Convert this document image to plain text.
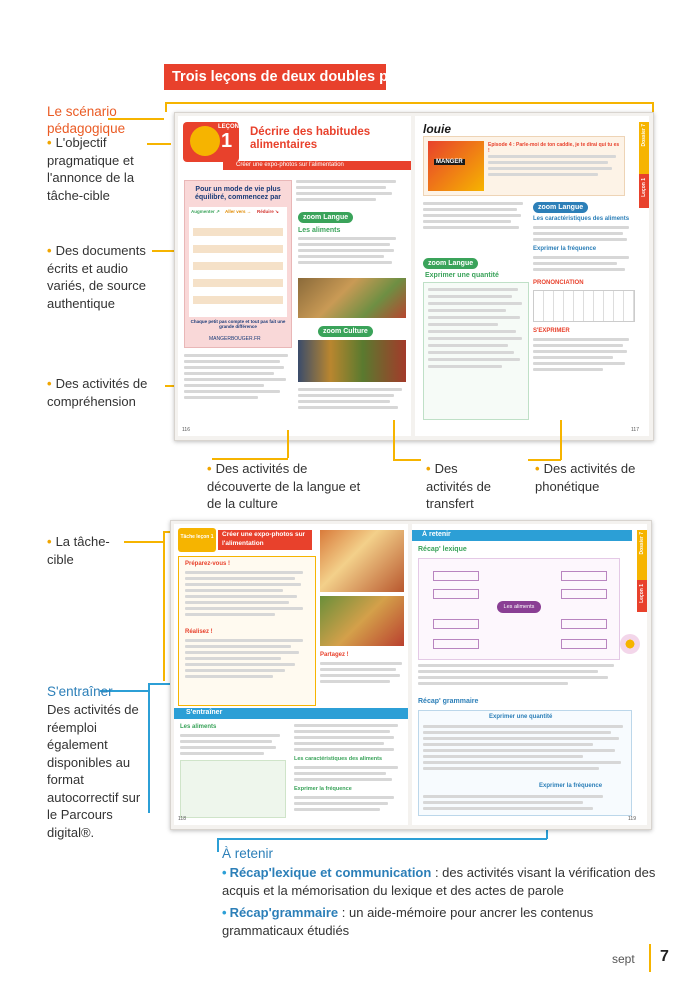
Trois leçons de deux doubles pages
Le scénario pédagogique
• L'objectif pragmatique et l'annonce de la tâche-cible
• Des documents écrits et audio variés, de source authentique
• Des activités de compréhension
LEÇON
1 Décrire des habitudes alimentaires
Créer une expo-photos sur l'alimentation
Pour un mode de vie plus équilibré, commencez par
Augmenter ↗ Aller vers → Réduire ↘
Chaque petit pas compte et tout pas fait une grande différence
MANGERBOUGER.FR
zoom Langue
Les aliments
zoom Culture
116
louie
MANGER
Episode 4 : Parle-moi de ton caddie, je te dirai qui tu es !
zoom Langue
Exprimer une quantité
zoom Langue
Les caractéristiques des aliments
Exprimer la fréquence
PRONONCIATION
S'EXPRIMER
Dossier 7
Leçon 1
117
• Des activités de découverte de la langue et de la culture
• Des activités de transfert
• Des activités de phonétique
• La tâche-cible
S'entraîner
Des activités de réemploi également disponibles au format autocorrectif sur le Parcours digital®.
Tâche leçon 1 Créer une expo-photos sur l'alimentation
Préparez-vous !
Réalisez !
Partagez !
S'entraîner
Les aliments
Les caractéristiques des aliments
Exprimer la fréquence
118
À retenir
Récap' lexique
Les aliments
Récap' grammaire
Exprimer une quantité
Exprimer la fréquence
Dossier 7
Leçon 1
119
À retenir
• Récap'lexique et communication : des activités visant la vérification des acquis et la mémorisation du lexique et des actes de parole
• Récap'grammaire : un aide-mémoire pour ancrer les contenus grammaticaux étudiés
sept 7
